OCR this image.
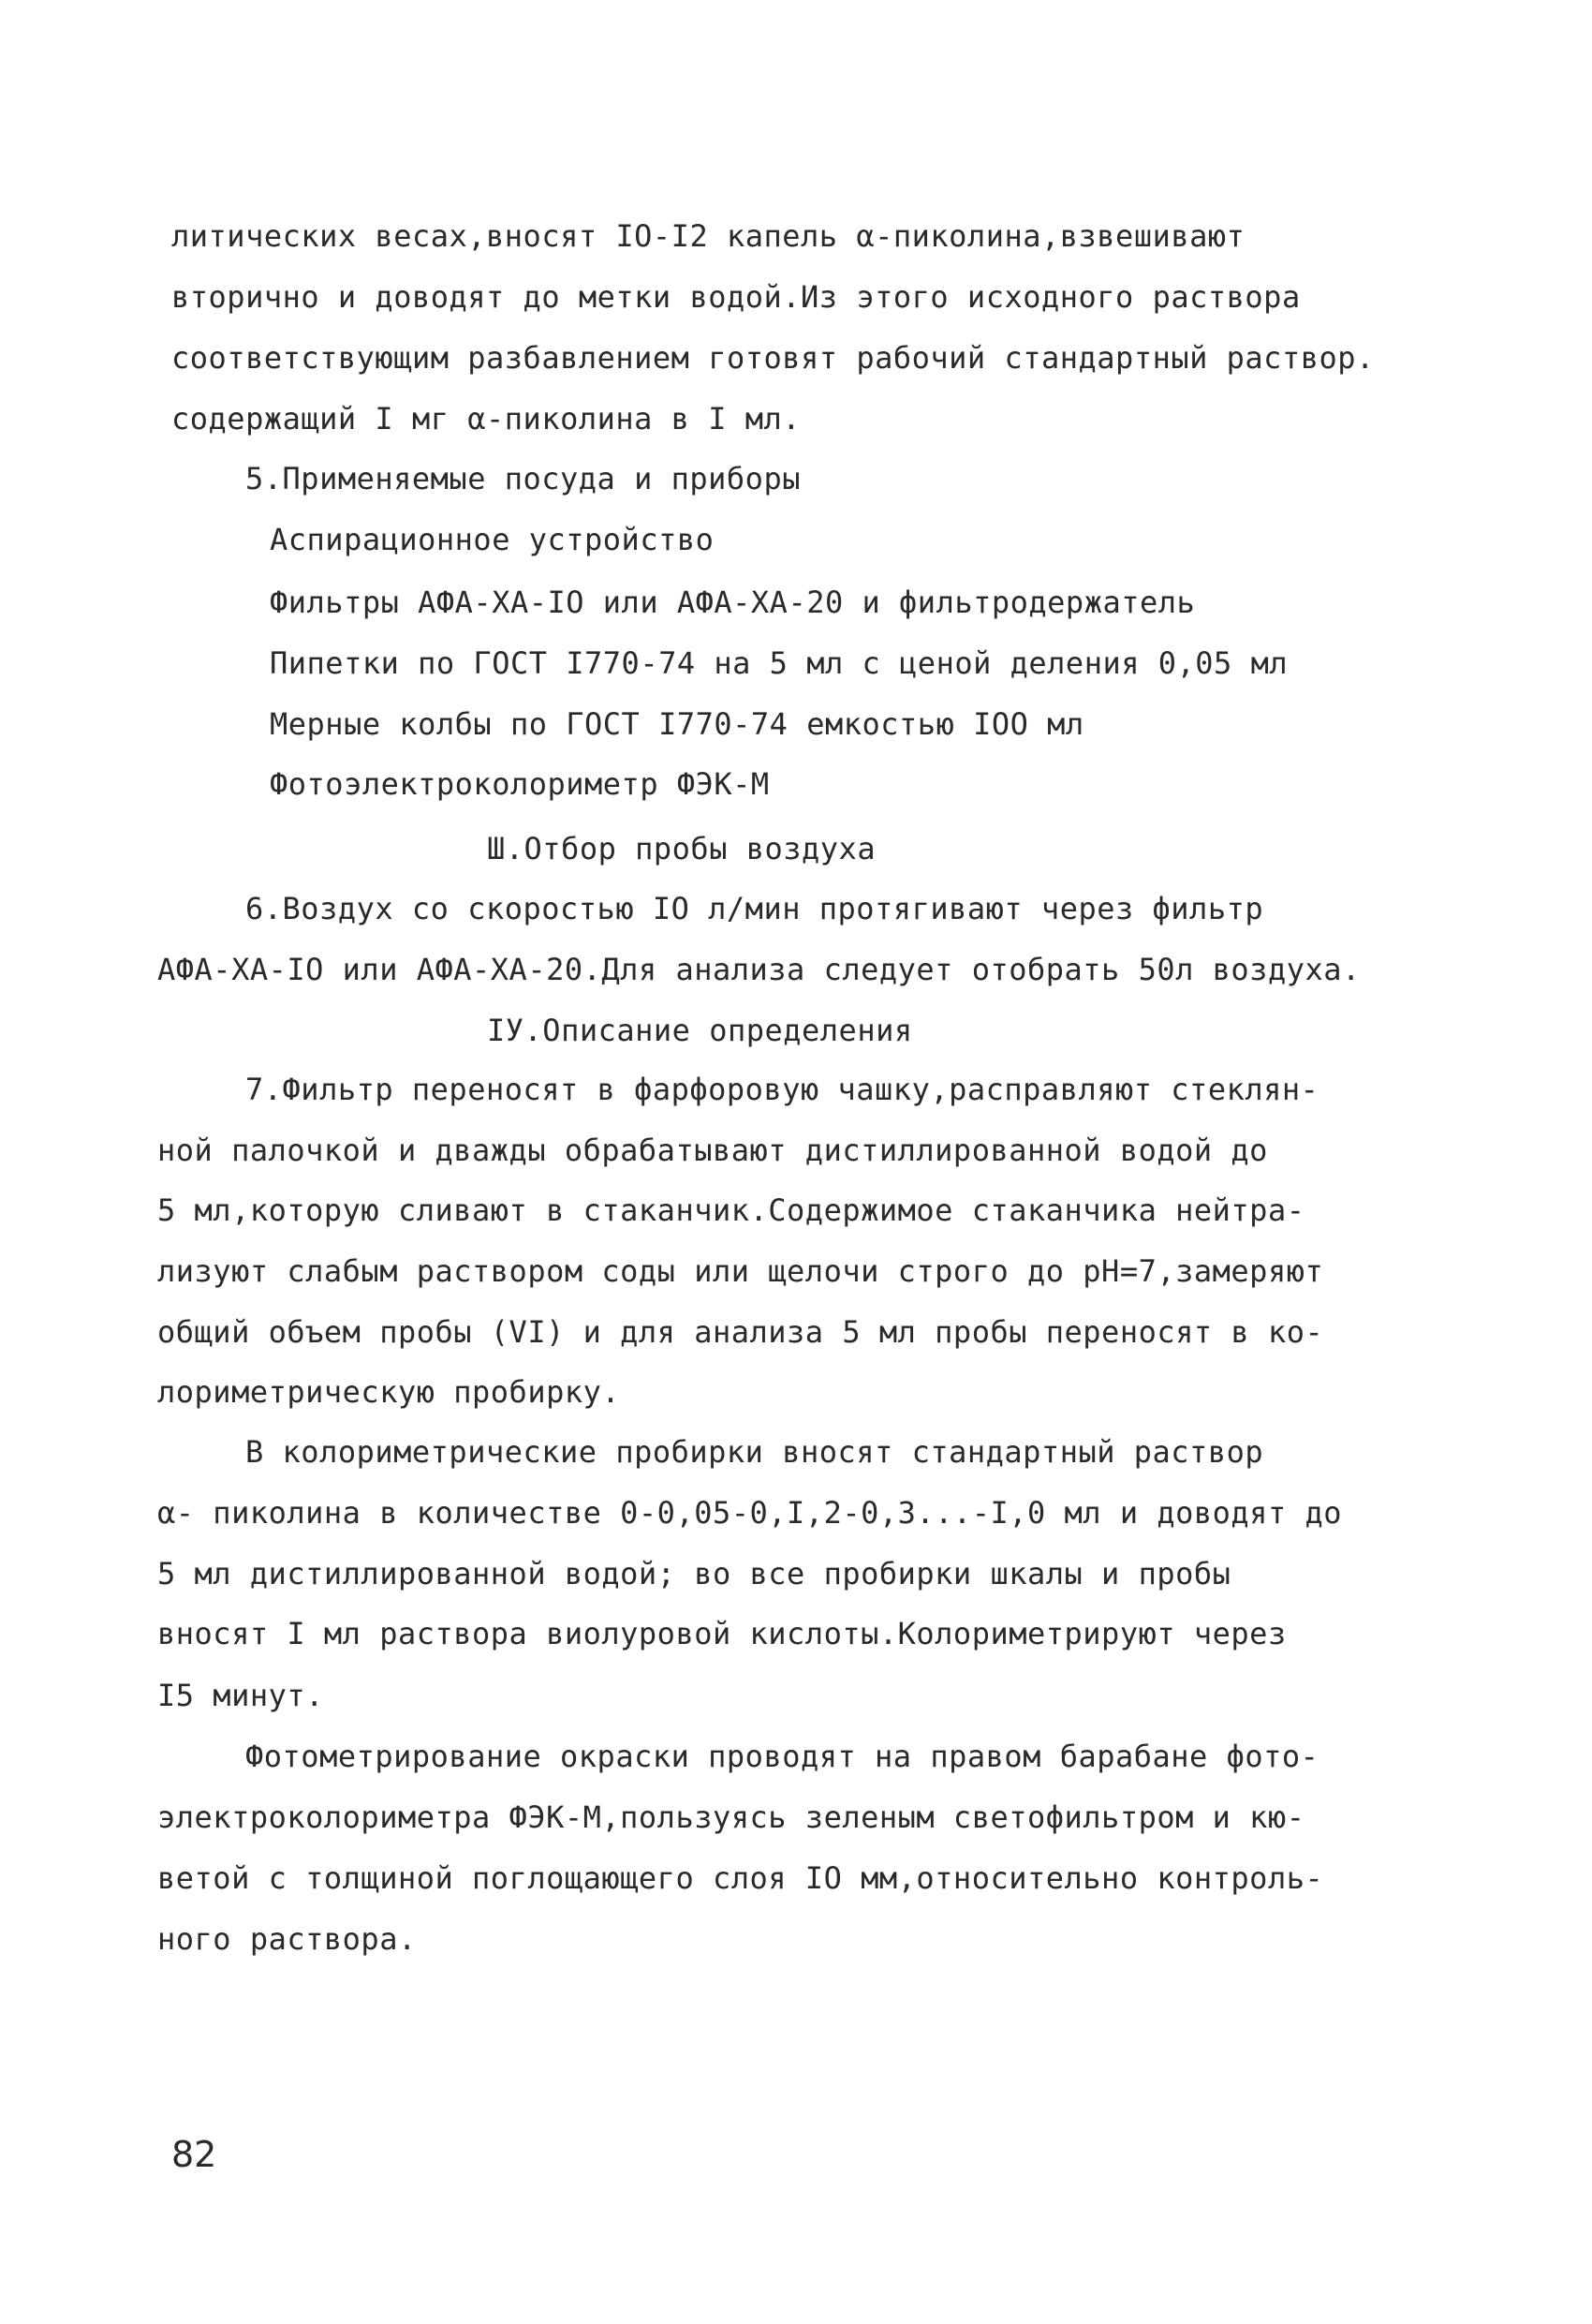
литических весах,вносят IO-I2 капель α-пиколина,взвешивают
вторично и доводят до метки водой.Из этого исходного раствора
соответствующим разбавлением готовят рабочий стандартный раствор.
содержащий I мг α-пиколина в I мл.
5.Применяемые посуда и приборы
Аспирационное устройство
Фильтры АФА-ХА-IO или АФА-ХА-20 и фильтродержатель
Пипетки по ГОСТ I770-74 на 5 мл с ценой деления 0,05 мл
Мерные колбы по ГОСТ I770-74 емкостью IOO мл
Фотоэлектроколориметр ФЭК-М
Ш.Отбор пробы воздуха
6.Воздух со скоростью IO л/мин протягивают через фильтр
АФА-ХА-IO или АФА-ХА-20.Для анализа следует отобрать 50л воздуха.
IУ.Описание определения
7.Фильтр переносят в фарфоровую чашку,расправляют стеклян-
ной палочкой и дважды обрабатывают дистиллированной водой до
5 мл,которую сливают в стаканчик.Содержимое стаканчика нейтра-
лизуют слабым раствором соды или щелочи строго до pH=7,замеряют
общий объем пробы (VI) и для анализа 5 мл пробы переносят в ко-
лориметрическую пробирку.
В колориметрические пробирки вносят стандартный раствор
α- пиколина в количестве 0-0,05-0,I,2-0,3...-I,0 мл и доводят до
5 мл дистиллированной водой; во все пробирки шкалы и пробы
вносят I мл раствора виолуровой кислоты.Колориметрируют через
I5 минут.
Фотометрирование окраски проводят на правом барабане фото-
электроколориметра ФЭК-М,пользуясь зеленым светофильтром и кю-
ветой с толщиной поглощающего слоя IO мм,относительно контроль-
ного раствора.
82
